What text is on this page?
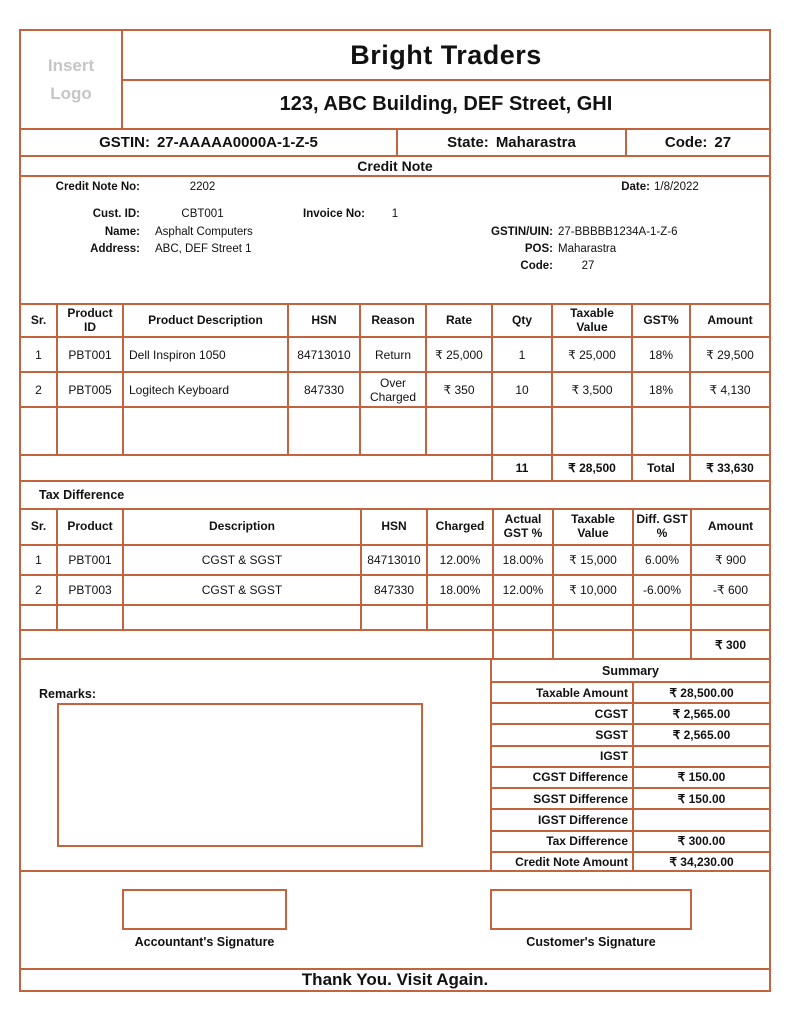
Insert
Logo
Bright Traders
123, ABC Building, DEF Street, GHI
GSTIN: 27-AAAAA0000A-1-Z-5	State: Maharastra	Code: 27
Credit Note
Credit Note No:	2202	Date: 1/8/2022
Cust. ID:	CBT001	Invoice No:	1
Name: Asphalt Computers	GSTIN/UIN: 27-BBBBB1234A-1-Z-6
Address: ABC, DEF Street 1	POS: Maharastra
Code:	27
Sr.	Product ID	Product Description	HSN	Reason	Rate	Qty	Taxable Value	GST%	Amount
1	PBT001	Dell Inspiron 1050	84713010	Return	₹ 25,000	1	₹ 25,000	18%	₹ 29,500
2	PBT005	Logitech Keyboard	847330	Over Charged	₹ 350	10	₹ 3,500	18%	₹ 4,130

						11	₹ 28,500	Total	₹ 33,630
Tax Difference
Sr.	Product	Description	HSN	Charged	Actual GST %	Taxable Value	Diff. GST %	Amount
1	PBT001	CGST & SGST	84713010	12.00%	18.00%	₹ 15,000	6.00%	₹ 900
2	PBT003	CGST & SGST	847330	18.00%	12.00%	₹ 10,000	-6.00%	-₹ 600

								₹ 300
Summary
Remarks:	Taxable Amount	₹ 28,500.00
CGST	₹ 2,565.00
SGST	₹ 2,565.00
IGST
CGST Difference	₹ 150.00
SGST Difference	₹ 150.00
IGST Difference
Tax Difference	₹ 300.00
Credit Note Amount	₹ 34,230.00
Accountant's Signature	Customer's Signature
Thank You. Visit Again.
